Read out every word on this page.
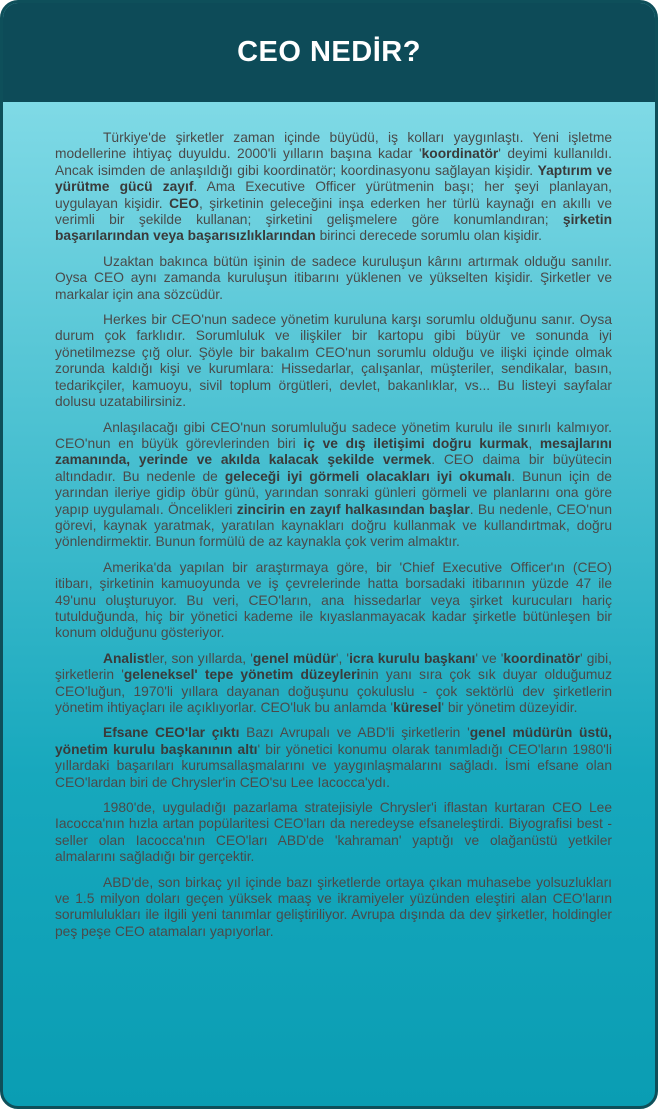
CEO NEDİR?

Türkiye'de şirketler zaman içinde büyüdü, iş kolları yaygınlaştı. Yeni işletme modellerine ihtiyaç duyuldu. 2000'li yılların başına kadar 'koordinatör' deyimi kullanıldı. Ancak isimden de anlaşıldığı gibi koordinatör; koordinasyonu sağlayan kişidir. Yaptırım ve yürütme gücü zayıf. Ama Executive Officer yürütmenin başı; her şeyi planlayan, uygulayan kişidir. CEO, şirketinin geleceğini inşa ederken her türlü kaynağı en akıllı ve verimli bir şekilde kullanan; şirketini gelişmelere göre konumlandıran; şirketin başarılarından veya başarısızlıklarından birinci derecede sorumlu olan kişidir.

Uzaktan bakınca bütün işinin de sadece kuruluşun kârını artırmak olduğu sanılır. Oysa CEO aynı zamanda kuruluşun itibarını yüklenen ve yükselten kişidir. Şirketler ve markalar için ana sözcüdür.

Herkes bir CEO'nun sadece yönetim kuruluna karşı sorumlu olduğunu sanır. Oysa durum çok farklıdır. Sorumluluk ve ilişkiler bir kartopu gibi büyür ve sonunda iyi yönetilmezse çığ olur. Şöyle bir bakalım CEO'nun sorumlu olduğu ve ilişki içinde olmak zorunda kaldığı kişi ve kurumlara: Hissedarlar, çalışanlar, müşteriler, sendikalar, basın, tedarikçiler, kamuoyu, sivil toplum örgütleri, devlet, bakanlıklar, vs... Bu listeyi sayfalar dolusu uzatabilirsiniz.

Anlaşılacağı gibi CEO'nun sorumluluğu sadece yönetim kurulu ile sınırlı kalmıyor. CEO'nun en büyük görevlerinden biri iç ve dış iletişimi doğru kurmak, mesajlarını zamanında, yerinde ve akılda kalacak şekilde vermek. CEO daima bir büyütecin altındadır. Bu nedenle de geleceği iyi görmeli olacakları iyi okumalı. Bunun için de yarından ileriye gidip öbür günü, yarından sonraki günleri görmeli ve planlarını ona göre yapıp uygulamalı. Öncelikleri zincirin en zayıf halkasından başlar. Bu nedenle, CEO'nun görevi, kaynak yaratmak, yaratılan kaynakları doğru kullanmak ve kullandırtmak, doğru yönlendirmektir. Bunun formülü de az kaynakla çok verim almaktır.

Amerika'da yapılan bir araştırmaya göre, bir 'Chief Executive Officer'ın (CEO) itibarı, şirketinin kamuoyunda ve iş çevrelerinde hatta borsadaki itibarının yüzde 47 ile 49'unu oluşturuyor. Bu veri, CEO'ların, ana hissedarlar veya şirket kurucuları hariç tutulduğunda, hiç bir yönetici kademe ile kıyaslanmayacak kadar şirketle bütünleşen bir konum olduğunu gösteriyor.

Analistler, son yıllarda, 'genel müdür', 'icra kurulu başkanı' ve 'koordinatör' gibi, şirketlerin 'geleneksel' tepe yönetim düzeylerinin yanı sıra çok sık duyar olduğumuz CEO'luğun, 1970'li yıllara dayanan doğuşunu çokuluslu - çok sektörlü dev şirketlerin yönetim ihtiyaçları ile açıklıyorlar. CEO'luk bu anlamda 'küresel' bir yönetim düzeyidir.

Efsane CEO'lar çıktı Bazı Avrupalı ve ABD'li şirketlerin 'genel müdürün üstü, yönetim kurulu başkanının altı' bir yönetici konumu olarak tanımladığı CEO'ların 1980'li yıllardaki başarıları kurumsallaşmalarını ve yaygınlaşmalarını sağladı. İsmi efsane olan CEO'lardan biri de Chrysler'in CEO'su Lee Iacocca'ydı.

1980'de, uyguladığı pazarlama stratejisiyle Chrysler'i iflastan kurtaran CEO Lee Iacocca'nın hızla artan popülaritesi CEO'ları da neredeyse efsaneleştirdi. Biyografisi best - seller olan Iacocca'nın CEO'ları ABD'de 'kahraman' yaptığı ve olağanüstü yetkiler almalarını sağladığı bir gerçektir.

ABD'de, son birkaç yıl içinde bazı şirketlerde ortaya çıkan muhasebe yolsuzlukları ve 1.5 milyon doları geçen yüksek maaş ve ikramiyeler yüzünden eleştiri alan CEO'ların sorumlulukları ile ilgili yeni tanımlar geliştiriliyor. Avrupa dışında da dev şirketler, holdingler peş peşe CEO atamaları yapıyorlar.
